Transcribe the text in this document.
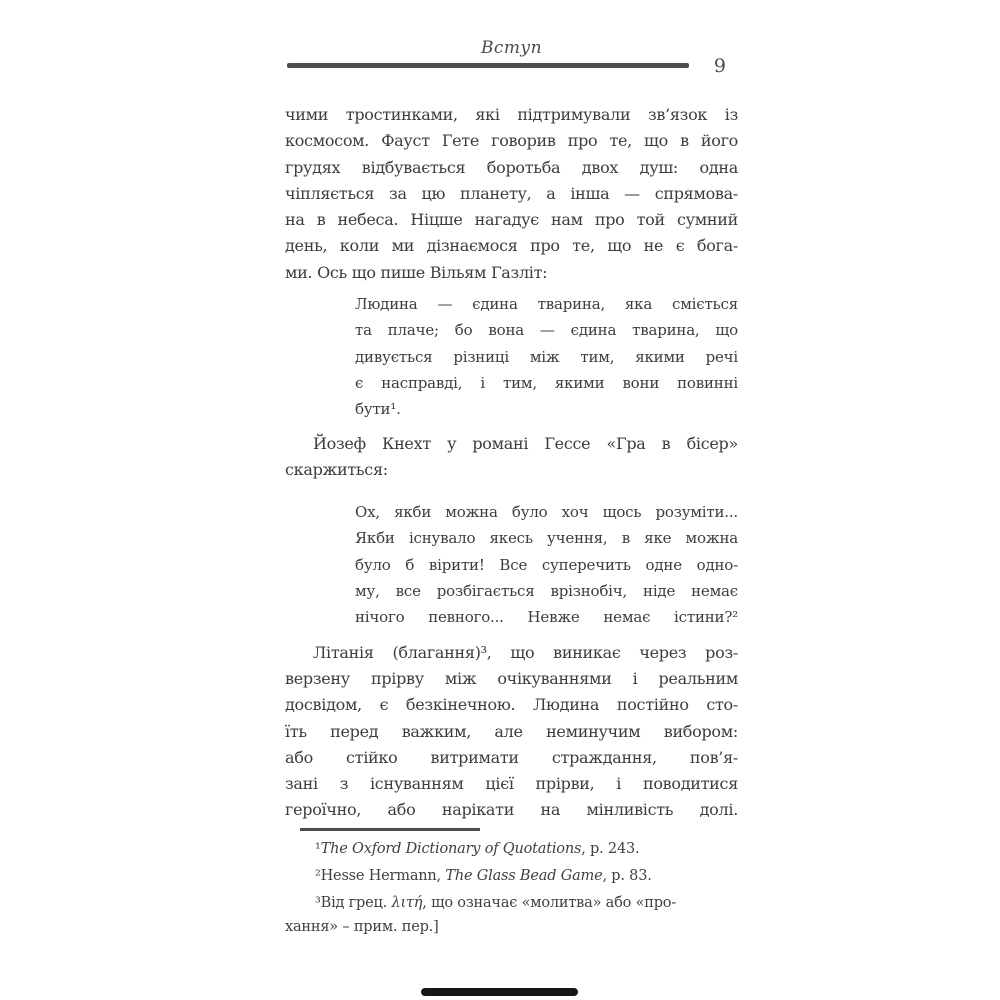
Вступ
9
чими тростинками, які підтримували зв’язок із
космосом. Фауст Гете говорив про те, що в його
грудях відбувається боротьба двох душ: одна
чіпляється за цю планету, а інша — спрямова-
на в небеса. Ніцше нагадує нам про той сумний
день, коли ми дізнаємося про те, що не є бога-
ми. Ось що пише Вільям Газліт:
Людина — єдина тварина, яка сміється
та плаче; бо вона — єдина тварина, що
дивується різниці між тим, якими речі
є насправді, і тим, якими вони повинні
бути¹.
Йозеф Кнехт у романі Гессе «Гра в бісер»
скаржиться:
Ох, якби можна було хоч щось розуміти...
Якби існувало якесь учення, в яке можна
було б вірити! Все суперечить одне одно-
му, все розбігається врізнобіч, ніде немає
нічого певного... Невже немає істини?²
Літанія (благання)³, що виникає через роз-
верзену прірву між очікуваннями і реальним
досвідом, є безкінечною. Людина постійно сто-
їть перед важким, але неминучим вибором:
або стійко витримати страждання, пов’я-
зані з існуванням цієї прірви, і поводитися
героїчно, або нарікати на мінливість долі.
¹The Oxford Dictionary of Quotations, p. 243.
²Hesse Hermann, The Glass Bead Game, p. 83.
³Від грец. λιτή, що означає «молитва» або «про-
хання» – прим. пер.]
